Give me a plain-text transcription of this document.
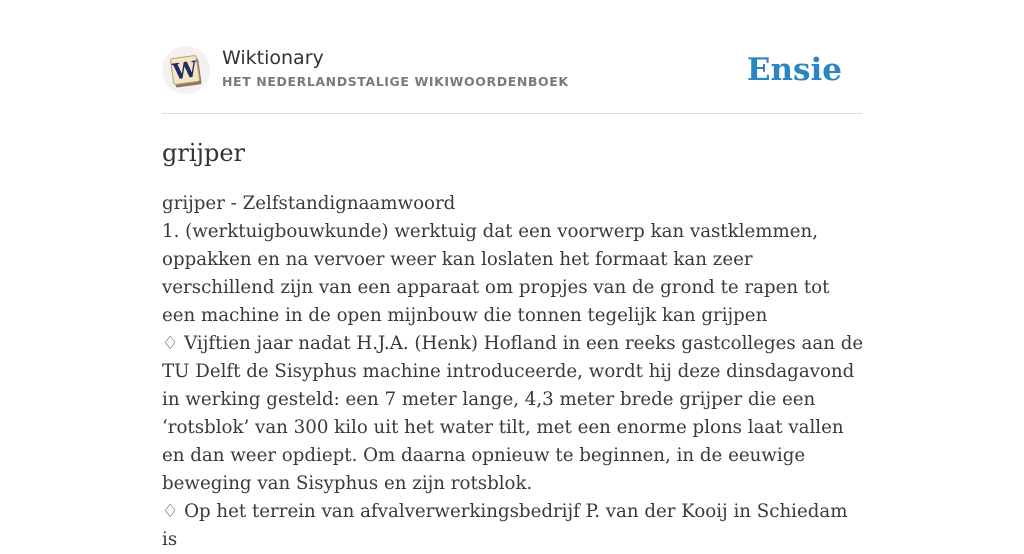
W Wiktionary
HET NEDERLANDSTALIGE WIKIWOORDENBOEK	Ensie
grijper

grijper - Zelfstandignaamwoord

1. (werktuigbouwkunde) werktuig dat een voorwerp kan vastklemmen, oppakken en na vervoer weer kan loslaten het formaat kan zeer verschillend zijn van een apparaat om propjes van de grond te rapen tot een machine in de open mijnbouw die tonnen tegelijk kan grijpen

♢ Vijftien jaar nadat H.J.A. (Henk) Hofland in een reeks gastcolleges aan de TU Delft de Sisyphus machine introduceerde, wordt hij deze dinsdagavond in werking gesteld: een 7 meter lange, 4,3 meter brede grijper die een ‘rotsblok’ van 300 kilo uit het water tilt, met een enorme plons laat vallen en dan weer opdiept. Om daarna opnieuw te beginnen, in de eeuwige beweging van Sisyphus en zijn rotsblok.

♢ Op het terrein van afvalverwerkingsbedrijf P. van der Kooij in Schiedam is
